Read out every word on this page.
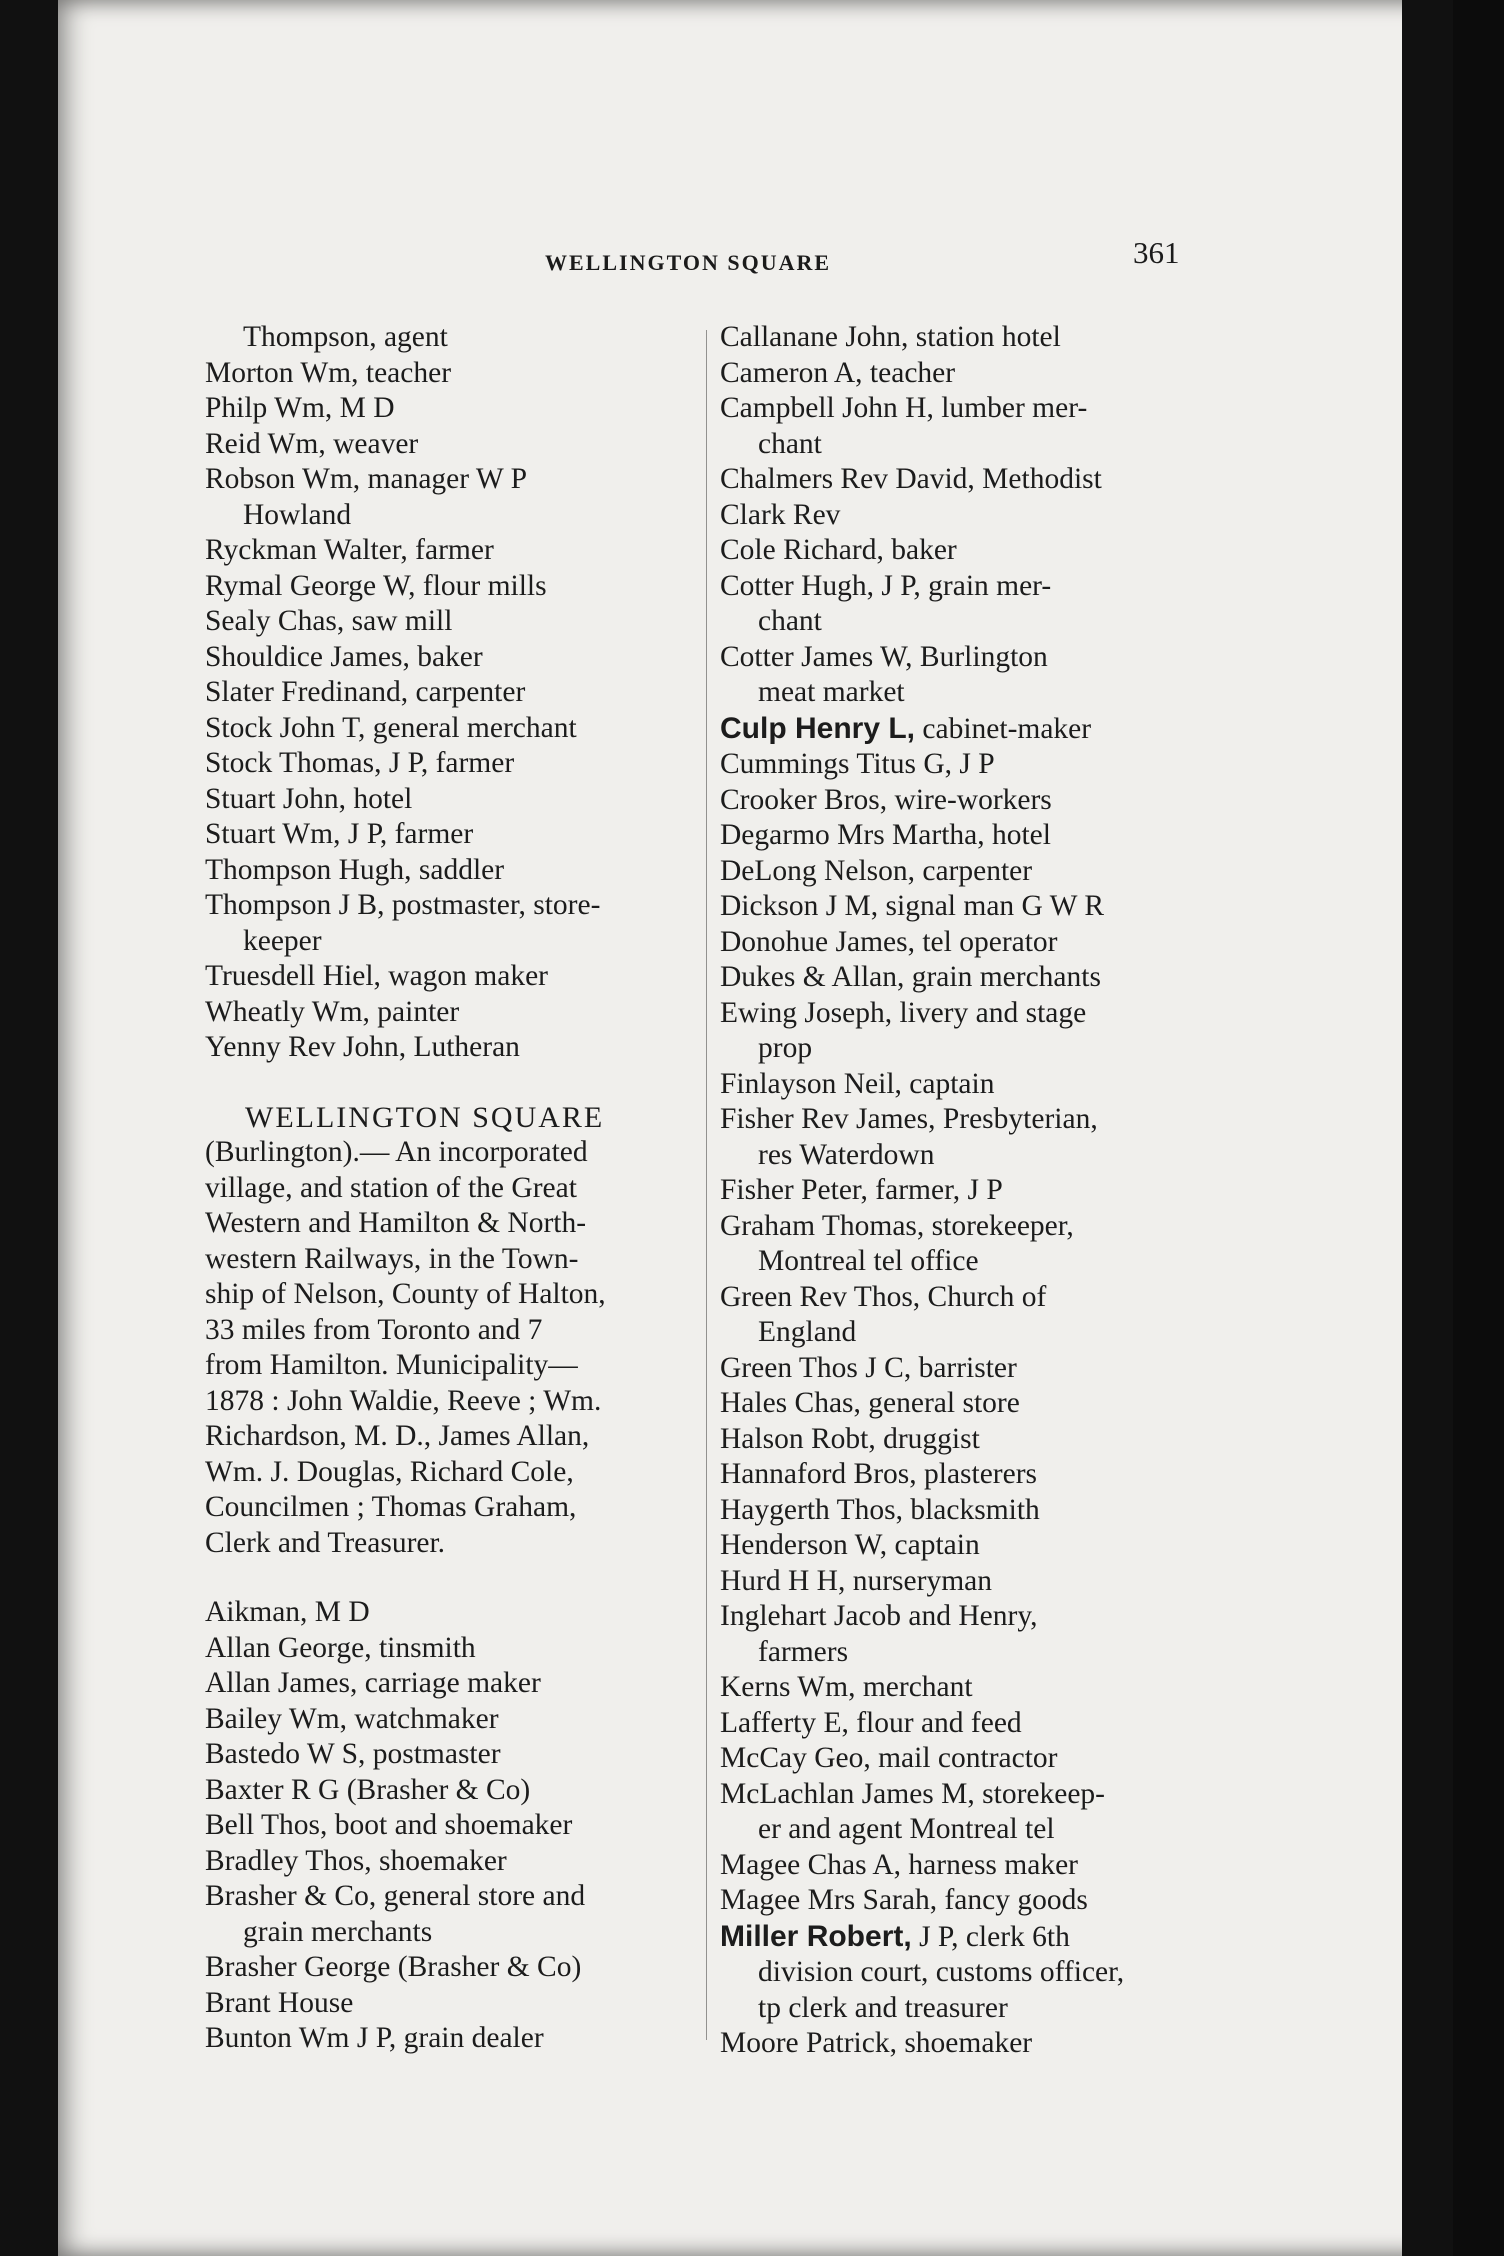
WELLINGTON SQUARE	361
Thompson, agent
Morton Wm, teacher
Philp Wm, M D
Reid Wm, weaver
Robson Wm, manager W P
Howland
Ryckman Walter, farmer
Rymal George W, flour mills
Sealy Chas, saw mill
Shouldice James, baker
Slater Fredinand, carpenter
Stock John T, general merchant
Stock Thomas, J P, farmer
Stuart John, hotel
Stuart Wm, J P, farmer
Thompson Hugh, saddler
Thompson J B, postmaster, store-
keeper
Truesdell Hiel, wagon maker
Wheatly Wm, painter
Yenny Rev John, Lutheran
WELLINGTON SQUARE
(Burlington).— An incorporated
village, and station of the Great
Western and Hamilton & North-
western Railways, in the Town-
ship of Nelson, County of Halton,
33 miles from Toronto and 7
from Hamilton. Municipality—
1878 : John Waldie, Reeve ; Wm.
Richardson, M. D., James Allan,
Wm. J. Douglas, Richard Cole,
Councilmen ; Thomas Graham,
Clerk and Treasurer.
Aikman, M D
Allan George, tinsmith
Allan James, carriage maker
Bailey Wm, watchmaker
Bastedo W S, postmaster
Baxter R G (Brasher & Co)
Bell Thos, boot and shoemaker
Bradley Thos, shoemaker
Brasher & Co, general store and
grain merchants
Brasher George (Brasher & Co)
Brant House
Bunton Wm J P, grain dealer
Callanane John, station hotel
Cameron A, teacher
Campbell John H, lumber mer-
chant
Chalmers Rev David, Methodist
Clark Rev
Cole Richard, baker
Cotter Hugh, J P, grain mer-
chant
Cotter James W, Burlington
meat market
Culp Henry L, cabinet-maker
Cummings Titus G, J P
Crooker Bros, wire-workers
Degarmo Mrs Martha, hotel
DeLong Nelson, carpenter
Dickson J M, signal man G W R
Donohue James, tel operator
Dukes & Allan, grain merchants
Ewing Joseph, livery and stage
prop
Finlayson Neil, captain
Fisher Rev James, Presbyterian,
res Waterdown
Fisher Peter, farmer, J P
Graham Thomas, storekeeper,
Montreal tel office
Green Rev Thos, Church of
England
Green Thos J C, barrister
Hales Chas, general store
Halson Robt, druggist
Hannaford Bros, plasterers
Haygerth Thos, blacksmith
Henderson W, captain
Hurd H H, nurseryman
Inglehart Jacob and Henry,
farmers
Kerns Wm, merchant
Lafferty E, flour and feed
McCay Geo, mail contractor
McLachlan James M, storekeep-
er and agent Montreal tel
Magee Chas A, harness maker
Magee Mrs Sarah, fancy goods
Miller Robert, J P, clerk 6th
division court, customs officer,
tp clerk and treasurer
Moore Patrick, shoemaker
